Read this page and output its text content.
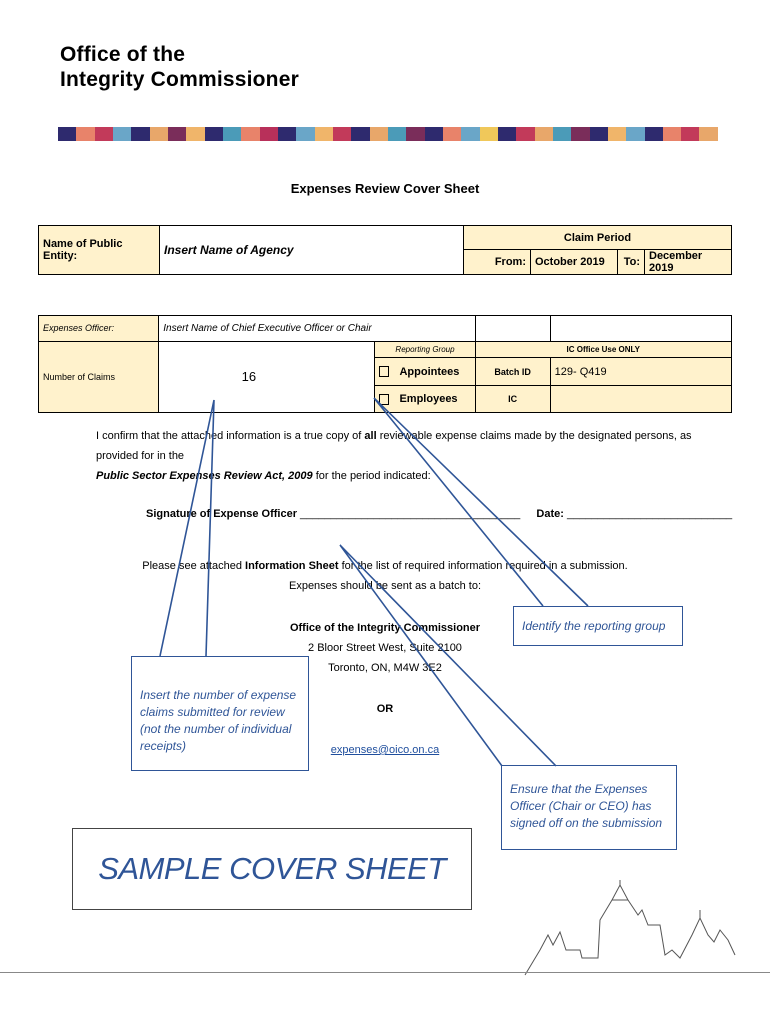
Office of the
Integrity Commissioner
Expenses Review Cover Sheet
Name of Public Entity:	Insert Name of Agency	Claim Period			
		From:	October 2019	To:	December 2019
Expenses Officer:	Insert Name of Chief Executive Officer or Chair			
Number of Claims	16	Reporting Group	IC Office Use ONLY	
		Appointees	Batch ID	129- Q419
		Employees	IC	
I confirm that the attached information is a true copy of all reviewable expense claims made by the designated persons, as provided for in the
Public Sector Expenses Review Act, 2009 for the period indicated:
Signature of Expense Officer ____________________________________ Date: ___________________________
Please see attached Information Sheet for the list of required information required in a submission.
Expenses should be sent as a batch to:
Office of the Integrity Commissioner
2 Bloor Street West, Suite 2100
Toronto, ON, M4W 3E2
OR
expenses@oico.on.ca
Identify the reporting group
Insert the number of expense claims submitted for review (not the number of individual receipts)
Ensure that the Expenses Officer (Chair or CEO) has signed off on the submission
SAMPLE COVER SHEET
